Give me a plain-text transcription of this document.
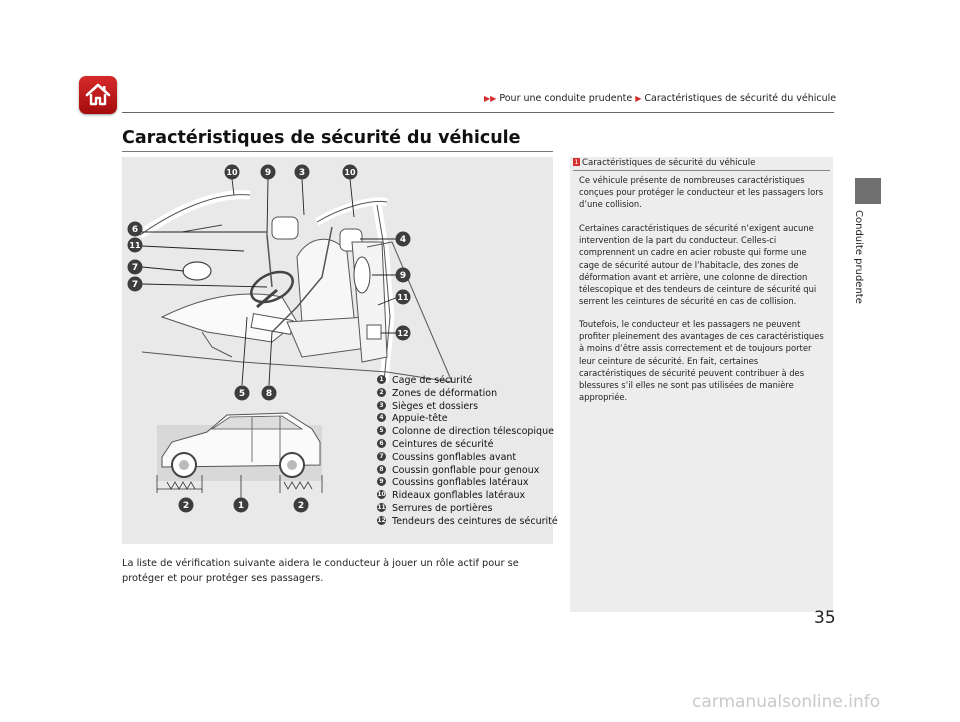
▶▶ Pour une conduite prudente ▶ Caractéristiques de sécurité du véhicule
Caractéristiques de sécurité du véhicule
10	9	3	10
6
11
7
7
4
9
11
12
5 8
2	1	2
1 Cage de sécurité
2 Zones de déformation
3 Sièges et dossiers
4 Appuie-tête
5 Colonne de direction télescopique
6 Ceintures de sécurité
7 Coussins gonflables avant
8 Coussin gonflable pour genoux
9 Coussins gonflables latéraux
10 Rideaux gonflables latéraux
11 Serrures de portières
12 Tendeurs des ceintures de sécurité
La liste de vérification suivante aidera le conducteur à jouer un rôle actif pour se protéger et pour protéger ses passagers.
1 Caractéristiques de sécurité du véhicule
Ce véhicule présente de nombreuses caractéristiques conçues pour protéger le conducteur et les passagers lors d’une collision.
Certaines caractéristiques de sécurité n’exigent aucune intervention de la part du conducteur. Celles-ci comprennent un cadre en acier robuste qui forme une cage de sécurité autour de l’habitacle, des zones de déformation avant et arrière, une colonne de direction télescopique et des tendeurs de ceinture de sécurité qui serrent les ceintures de sécurité en cas de collision.
Toutefois, le conducteur et les passagers ne peuvent profiter pleinement des avantages de ces caractéristiques à moins d’être assis correctement et de toujours porter leur ceinture de sécurité. En fait, certaines caractéristiques de sécurité peuvent contribuer à des blessures s’il elles ne sont pas utilisées de manière appropriée.
Conduite prudente
35
carmanualsonline.info
